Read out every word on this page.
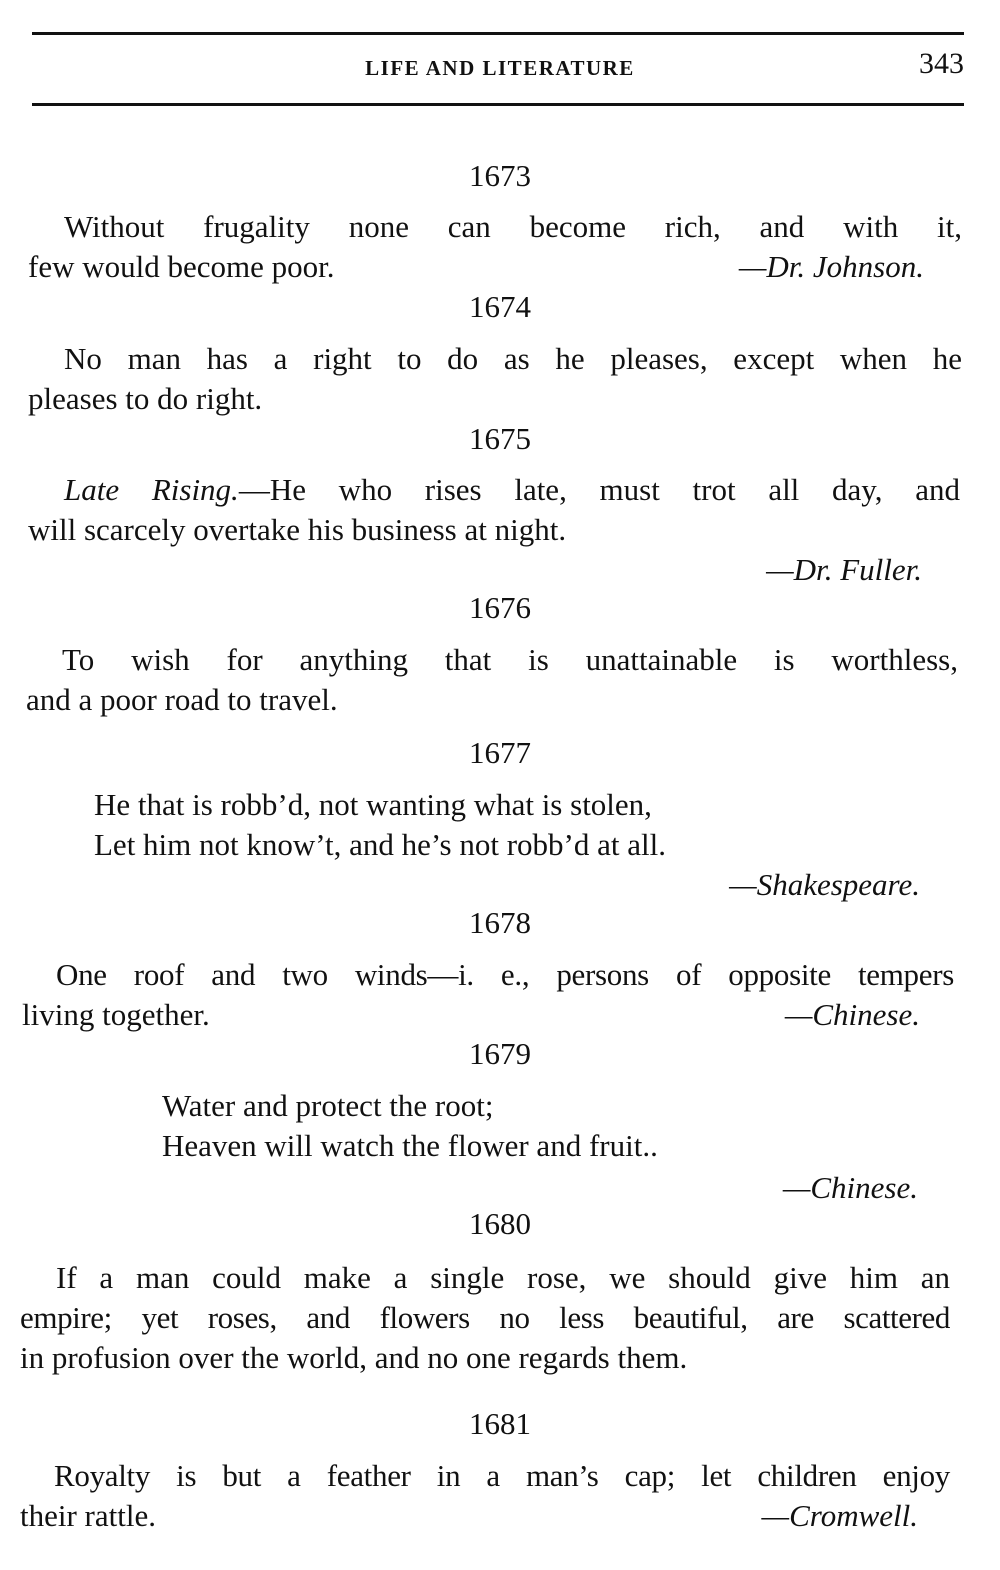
LIFE AND LITERATURE	343
1673

Without frugality none can become rich, and with it,
few would become poor.	—Dr. Johnson.
1674

No man has a right to do as he pleases, except when he
pleases to do right.

1675

Late Rising.—He who rises late, must trot all day, and
will scarcely overtake his business at night.

—Dr. Fuller.
1676

To wish for anything that is unattainable is worthless,
and a poor road to travel.

1677

He that is robb’d, not wanting what is stolen,
Let him not know’t, and he’s not robb’d at all.

—Shakespeare.
1678

One roof and two winds—i. e., persons of opposite tempers
living together.	—Chinese.
1679

Water and protect the root;
Heaven will watch the flower and fruit..

—Chinese.
1680

If a man could make a single rose, we should give him an
empire; yet roses, and flowers no less beautiful, are scattered
in profusion over the world, and no one regards them.

1681

Royalty is but a feather in a man’s cap; let children enjoy
their rattle.	—Cromwell.
